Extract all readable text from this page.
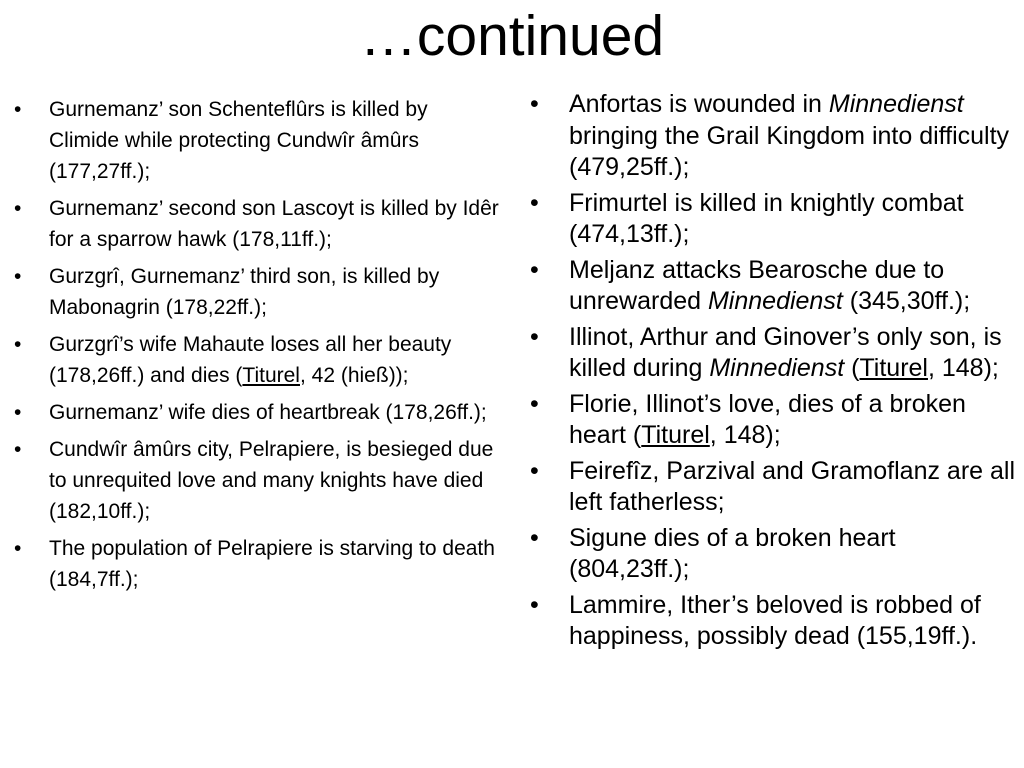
…continued
• Gurnemanz’ son Schenteflûrs is killed by Climide while protecting Cundwîr âmûrs (177,27ff.);
• Gurnemanz’ second son Lascoyt is killed by Idêr for a sparrow hawk (178,11ff.);
• Gurzgrî, Gurnemanz’ third son, is killed by Mabonagrin (178,22ff.);
• Gurzgrî’s wife Mahaute loses all her beauty (178,26ff.) and dies (Titurel, 42 (hieß));
• Gurnemanz’ wife dies of heartbreak (178,26ff.);
• Cundwîr âmûrs city, Pelrapiere, is besieged due to unrequited love and many knights have died (182,10ff.);
• The population of Pelrapiere is starving to death (184,7ff.);
• Anfortas is wounded in Minnedienst bringing the Grail Kingdom into difficulty (479,25ff.);
• Frimurtel is killed in knightly combat (474,13ff.);
• Meljanz attacks Bearosche due to unrewarded Minnedienst (345,30ff.);
• Illinot, Arthur and Ginover’s only son, is killed during Minnedienst (Titurel, 148);
• Florie, Illinot’s love, dies of a broken heart (Titurel, 148);
• Feirefîz, Parzival and Gramoflanz are all left fatherless;
• Sigune dies of a broken heart (804,23ff.);
• Lammire, Ither’s beloved is robbed of happiness, possibly dead (155,19ff.).
